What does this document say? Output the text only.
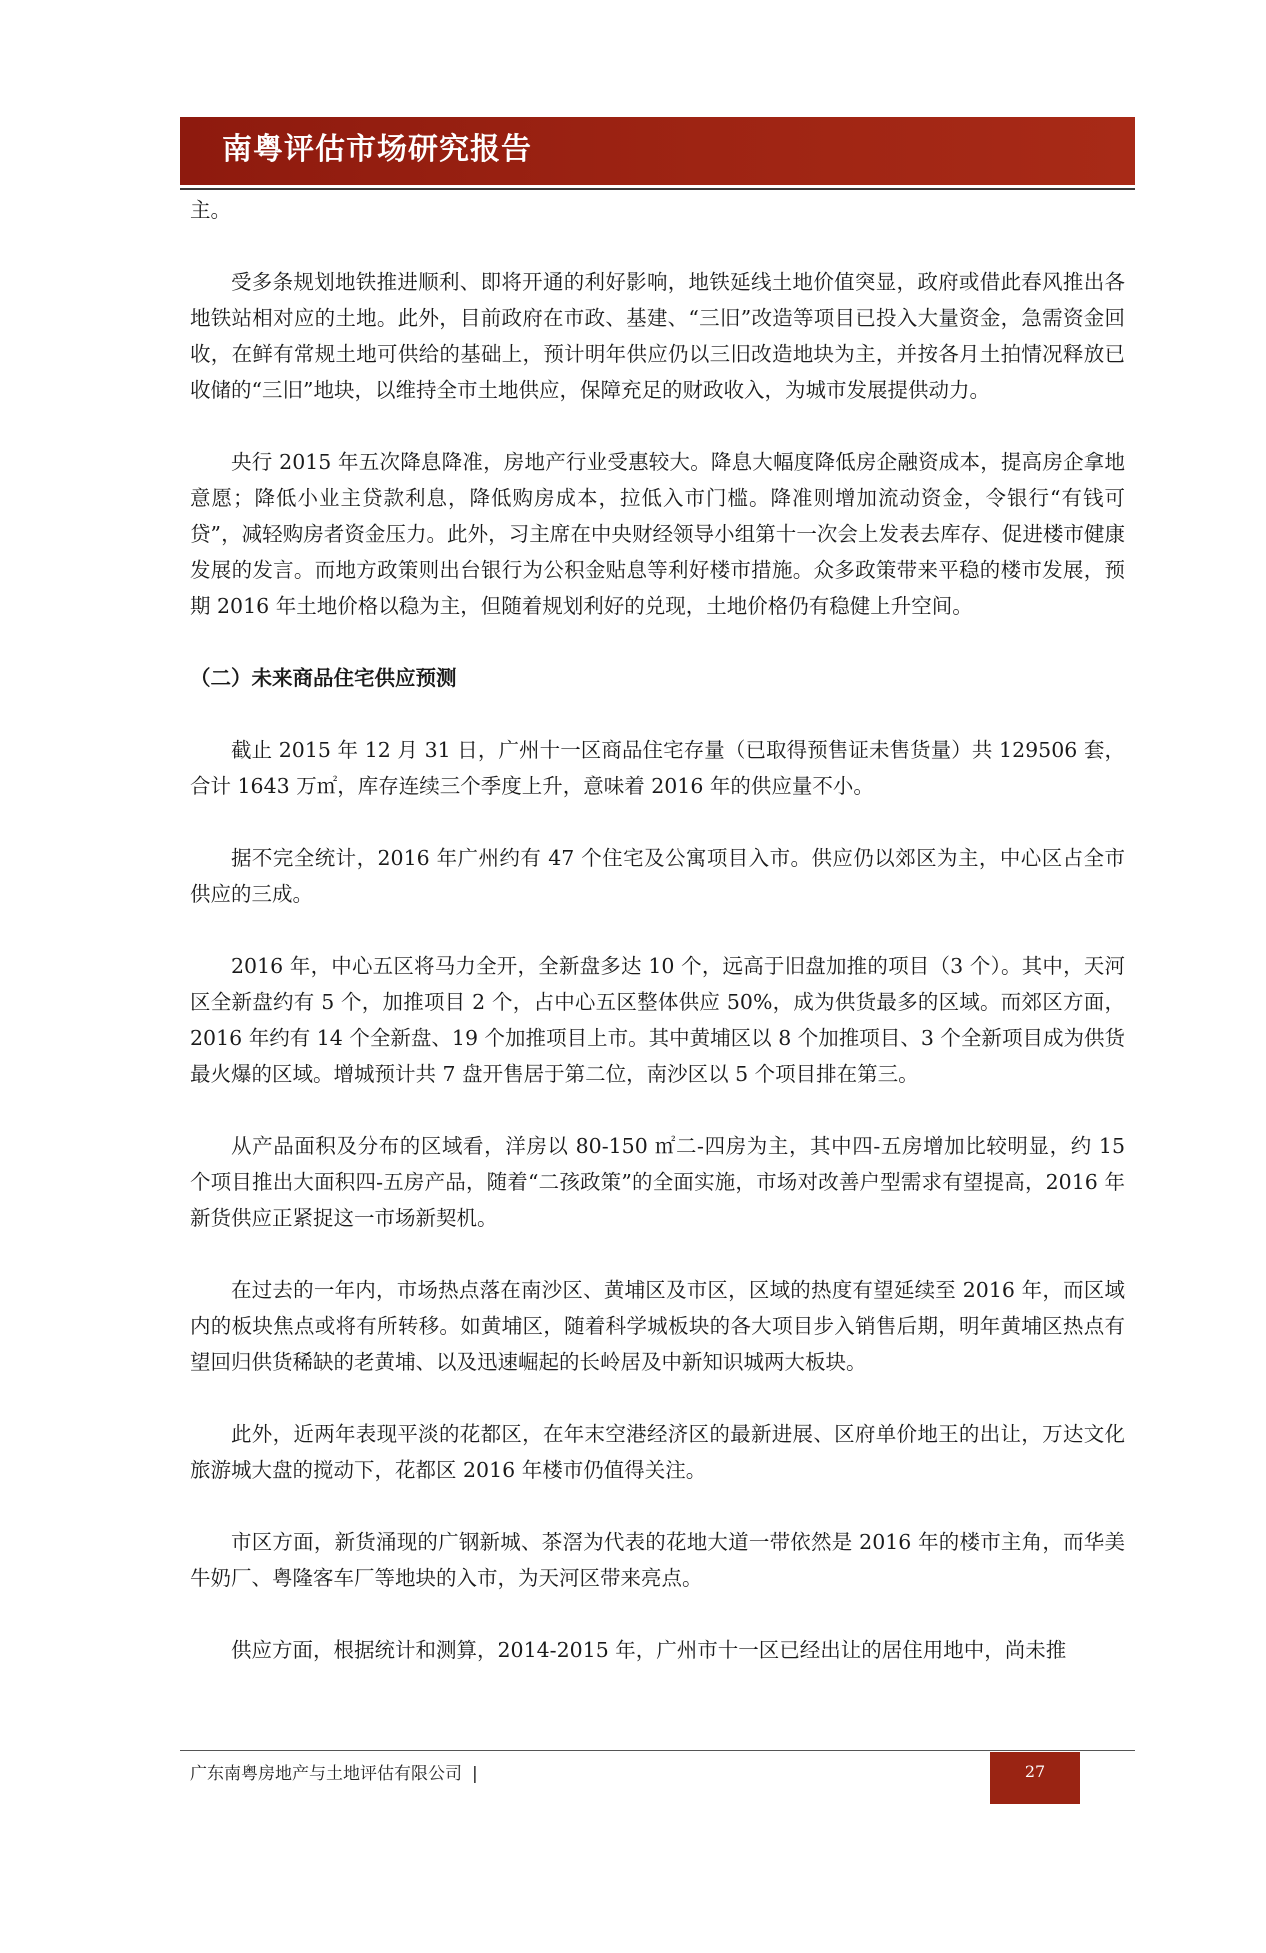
南粤评估市场研究报告

主。

受多条规划地铁推进顺利、即将开通的利好影响，地铁延线土地价值突显，政府或借此春风推出各地铁站相对应的土地。此外，目前政府在市政、基建、“三旧”改造等项目已投入大量资金，急需资金回收，在鲜有常规土地可供给的基础上，预计明年供应仍以三旧改造地块为主，并按各月土拍情况释放已收储的“三旧”地块，以维持全市土地供应，保障充足的财政收入，为城市发展提供动力。

央行 2015 年五次降息降准，房地产行业受惠较大。降息大幅度降低房企融资成本，提高房企拿地意愿；降低小业主贷款利息，降低购房成本，拉低入市门槛。降准则增加流动资金，令银行“有钱可贷”，减轻购房者资金压力。此外，习主席在中央财经领导小组第十一次会上发表去库存、促进楼市健康发展的发言。而地方政策则出台银行为公积金贴息等利好楼市措施。众多政策带来平稳的楼市发展，预期 2016 年土地价格以稳为主，但随着规划利好的兑现，土地价格仍有稳健上升空间。

（二）未来商品住宅供应预测

截止 2015 年 12 月 31 日，广州十一区商品住宅存量（已取得预售证未售货量）共 129506 套，合计 1643 万㎡，库存连续三个季度上升，意味着 2016 年的供应量不小。

据不完全统计，2016 年广州约有 47 个住宅及公寓项目入市。供应仍以郊区为主，中心区占全市供应的三成。

2016 年，中心五区将马力全开，全新盘多达 10 个，远高于旧盘加推的项目（3 个）。其中，天河区全新盘约有 5 个，加推项目 2 个，占中心五区整体供应 50%，成为供货最多的区域。而郊区方面，2016 年约有 14 个全新盘、19 个加推项目上市。其中黄埔区以 8 个加推项目、3 个全新项目成为供货最火爆的区域。增城预计共 7 盘开售居于第二位，南沙区以 5 个项目排在第三。

从产品面积及分布的区域看，洋房以 80-150 ㎡二-四房为主，其中四-五房增加比较明显，约 15 个项目推出大面积四-五房产品，随着“二孩政策”的全面实施，市场对改善户型需求有望提高，2016 年新货供应正紧捉这一市场新契机。

在过去的一年内，市场热点落在南沙区、黄埔区及市区，区域的热度有望延续至 2016 年，而区域内的板块焦点或将有所转移。如黄埔区，随着科学城板块的各大项目步入销售后期，明年黄埔区热点有望回归供货稀缺的老黄埔、以及迅速崛起的长岭居及中新知识城两大板块。

此外，近两年表现平淡的花都区，在年末空港经济区的最新进展、区府单价地王的出让，万达文化旅游城大盘的搅动下，花都区 2016 年楼市仍值得关注。

市区方面，新货涌现的广钢新城、茶滘为代表的花地大道一带依然是 2016 年的楼市主角，而华美牛奶厂、粤隆客车厂等地块的入市，为天河区带来亮点。

供应方面，根据统计和测算，2014-2015 年，广州市十一区已经出让的居住用地中，尚未推

广东南粤房地产与土地评估有限公司 |	27
